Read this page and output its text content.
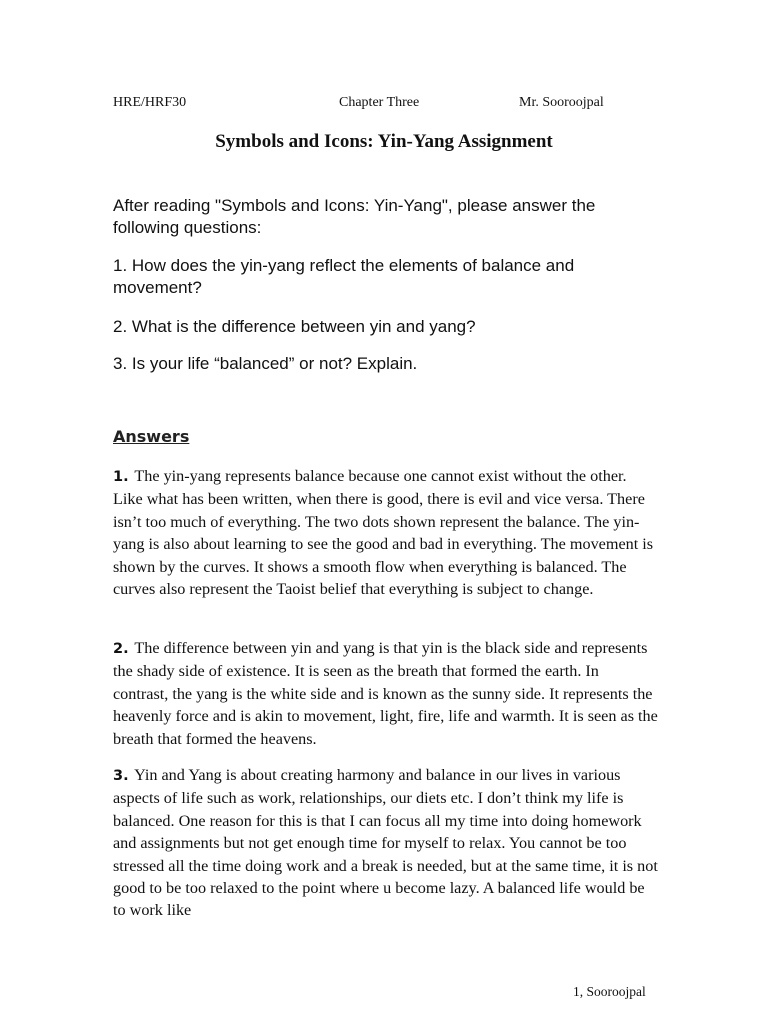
HRE/HRF30	Chapter Three	Mr. Sooroojpal
Symbols and Icons: Yin-Yang Assignment
After reading "Symbols and Icons: Yin-Yang", please answer the following questions:
1. How does the yin-yang reflect the elements of balance and movement?
2. What is the difference between yin and yang?
3. Is your life “balanced” or not? Explain.
Answers
1. The yin-yang represents balance because one cannot exist without the other. Like what has been written, when there is good, there is evil and vice versa. There isn’t too much of everything. The two dots shown represent the balance. The yin-yang is also about learning to see the good and bad in everything. The movement is shown by the curves. It shows a smooth flow when everything is balanced. The curves also represent the Taoist belief that everything is subject to change.
2. The difference between yin and yang is that yin is the black side and represents the shady side of existence. It is seen as the breath that formed the earth. In contrast, the yang is the white side and is known as the sunny side. It represents the heavenly force and is akin to movement, light, fire, life and warmth. It is seen as the breath that formed the heavens.
3. Yin and Yang is about creating harmony and balance in our lives in various aspects of life such as work, relationships, our diets etc. I don’t think my life is balanced. One reason for this is that I can focus all my time into doing homework and assignments but not get enough time for myself to relax. You cannot be too stressed all the time doing work and a break is needed, but at the same time, it is not good to be too relaxed to the point where u become lazy. A balanced life would be to work like
1, Sooroojpal
